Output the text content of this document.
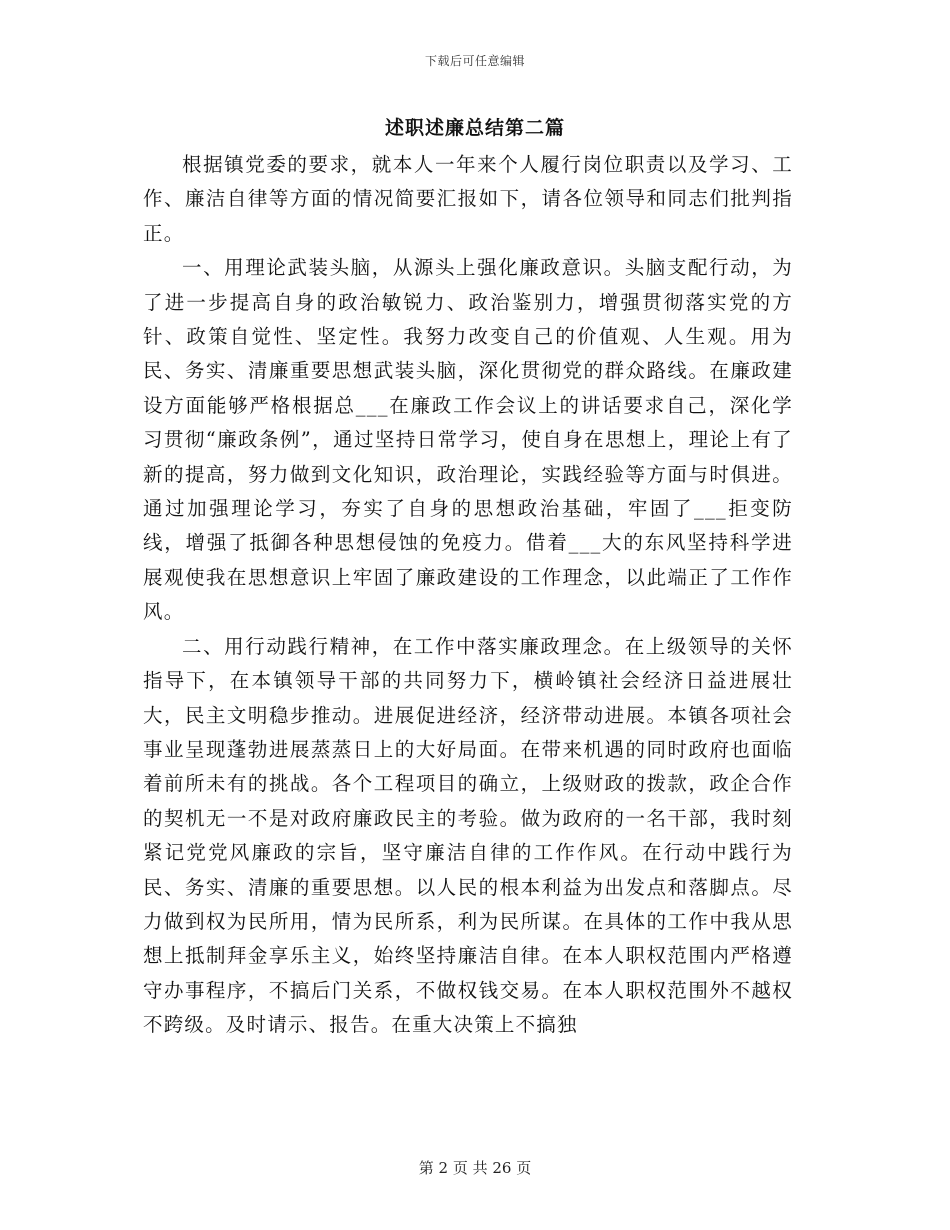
下载后可任意编辑
述职述廉总结第二篇

根据镇党委的要求，就本人一年来个人履行岗位职责以及学习、工作、廉洁自律等方面的情况简要汇报如下，请各位领导和同志们批判指正。

一、用理论武装头脑，从源头上强化廉政意识。头脑支配行动，为了进一步提高自身的政治敏锐力、政治鉴别力，增强贯彻落实党的方针、政策自觉性、坚定性。我努力改变自己的价值观、人生观。用为民、务实、清廉重要思想武装头脑，深化贯彻党的群众路线。在廉政建设方面能够严格根据总___在廉政工作会议上的讲话要求自己，深化学习贯彻“廉政条例”，通过坚持日常学习，使自身在思想上，理论上有了新的提高，努力做到文化知识，政治理论，实践经验等方面与时俱进。通过加强理论学习，夯实了自身的思想政治基础，牢固了___拒变防线，增强了抵御各种思想侵蚀的免疫力。借着___大的东风坚持科学进展观使我在思想意识上牢固了廉政建设的工作理念，以此端正了工作作风。

二、用行动践行精神，在工作中落实廉政理念。在上级领导的关怀指导下，在本镇领导干部的共同努力下，横岭镇社会经济日益进展壮大，民主文明稳步推动。进展促进经济，经济带动进展。本镇各项社会事业呈现蓬勃进展蒸蒸日上的大好局面。在带来机遇的同时政府也面临着前所未有的挑战。各个工程项目的确立，上级财政的拨款，政企合作的契机无一不是对政府廉政民主的考验。做为政府的一名干部，我时刻紧记党党风廉政的宗旨，坚守廉洁自律的工作作风。在行动中践行为民、务实、清廉的重要思想。以人民的根本利益为出发点和落脚点。尽力做到权为民所用，情为民所系，利为民所谋。在具体的工作中我从思想上抵制拜金享乐主义，始终坚持廉洁自律。在本人职权范围内严格遵守办事程序，不搞后门关系，不做权钱交易。在本人职权范围外不越权不跨级。及时请示、报告。在重大决策上不搞独

第 2 页 共 26 页
